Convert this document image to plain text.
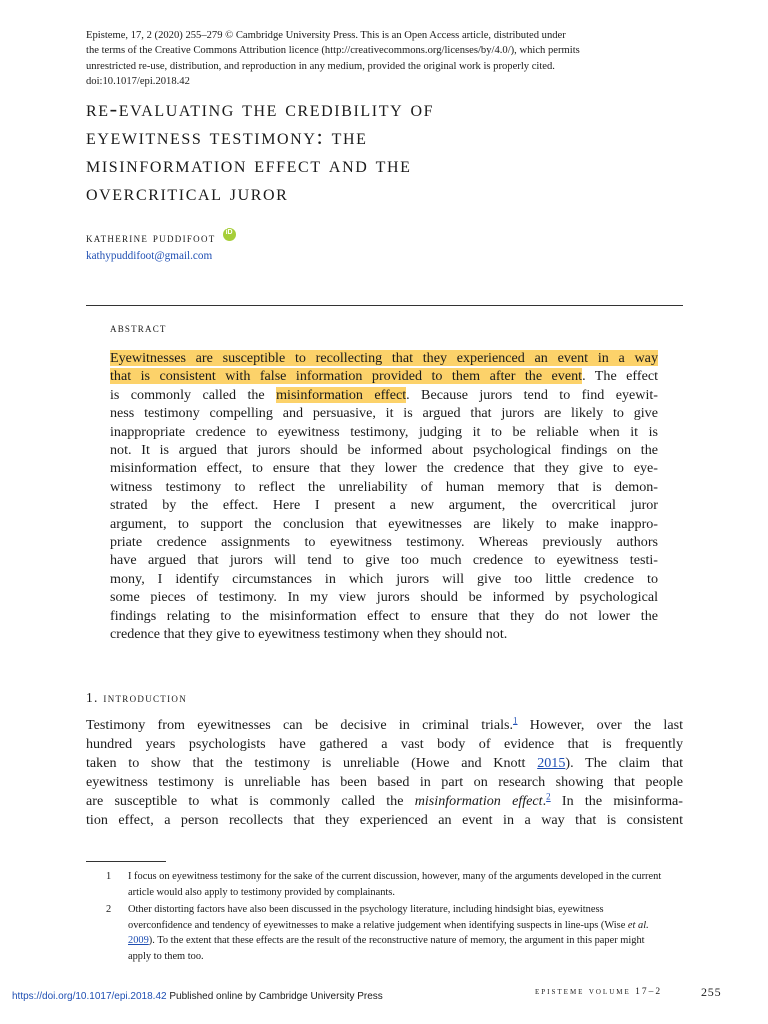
Episteme, 17, 2 (2020) 255–279 © Cambridge University Press. This is an Open Access article, distributed under
the terms of the Creative Commons Attribution licence (http://creativecommons.org/licenses/by/4.0/), which permits
unrestricted re-use, distribution, and reproduction in any medium, provided the original work is properly cited.
doi:10.1017/epi.2018.42
re-evaluating the credibility of
eyewitness testimony: the
misinformation effect and the
overcritical juror
katherine puddifoot
id
kathypuddifoot@gmail.com
abstract
Eyewitnesses are susceptible to recollecting that they experienced an event in a way
that is consistent with false information provided to them after the event. The effect
is commonly called the misinformation effect. Because jurors tend to find eyewit-
ness testimony compelling and persuasive, it is argued that jurors are likely to give
inappropriate credence to eyewitness testimony, judging it to be reliable when it is
not. It is argued that jurors should be informed about psychological findings on the
misinformation effect, to ensure that they lower the credence that they give to eye-
witness testimony to reflect the unreliability of human memory that is demon-
strated by the effect. Here I present a new argument, the overcritical juror
argument, to support the conclusion that eyewitnesses are likely to make inappro-
priate credence assignments to eyewitness testimony. Whereas previously authors
have argued that jurors will tend to give too much credence to eyewitness testi-
mony, I identify circumstances in which jurors will give too little credence to
some pieces of testimony. In my view jurors should be informed by psychological
findings relating to the misinformation effect to ensure that they do not lower the
credence that they give to eyewitness testimony when they should not.
1. introduction
Testimony from eyewitnesses can be decisive in criminal trials.$^1$ However, over the last
hundred years psychologists have gathered a vast body of evidence that is frequently
taken to show that the testimony is unreliable (Howe and Knott 2015). The claim that
eyewitness testimony is unreliable has been based in part on research showing that people
are susceptible to what is commonly called the misinformation effect.$^2$ In the misinforma-
tion effect, a person recollects that they experienced an event in a way that is consistent
1	I focus on eyewitness testimony for the sake of the current discussion, however, many of the arguments developed in the current article would also apply to testimony provided by complainants.
2	Other distorting factors have also been discussed in the psychology literature, including hindsight bias, eyewitness overconfidence and tendency of eyewitnesses to make a relative judgement when identifying suspects in line-ups (Wise et al. 2009). To the extent that these effects are the result of the reconstructive nature of memory, the argument in this paper might apply to them too.
https://doi.org/10.1017/epi.2018.42 Published online by Cambridge University Press	episteme volume 17–2	255
